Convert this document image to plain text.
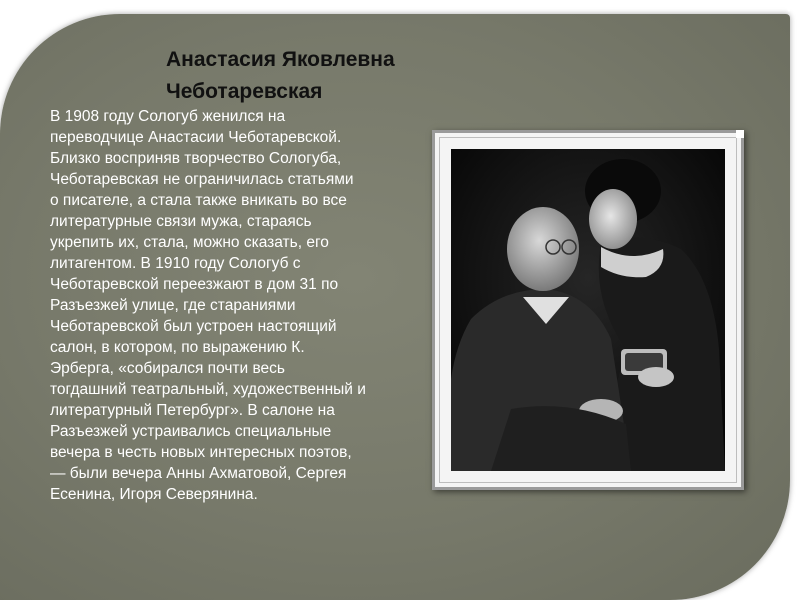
Анастасия Яковлевна Чеботаревская

В 1908 году Сологуб женился на
переводчице Анастасии Чеботаревской.
Близко восприняв творчество Сологуба,
Чеботаревская не ограничилась статьями
о писателе, а стала также вникать во все
литературные связи мужа, стараясь
укрепить их, стала, можно сказать, его
литагентом. В 1910 году Сологуб с
Чеботаревской переезжают в дом 31 по
Разъезжей улице, где стараниями
Чеботаревской был устроен настоящий
салон, в котором, по выражению К.
Эрберга, «собирался почти весь
тогдашний театральный, художественный и
литературный Петербург». В салоне на
Разъезжей устраивались специальные
вечера в честь новых интересных поэтов,
— были вечера Анны Ахматовой, Сергея
Есенина, Игоря Северянина.
